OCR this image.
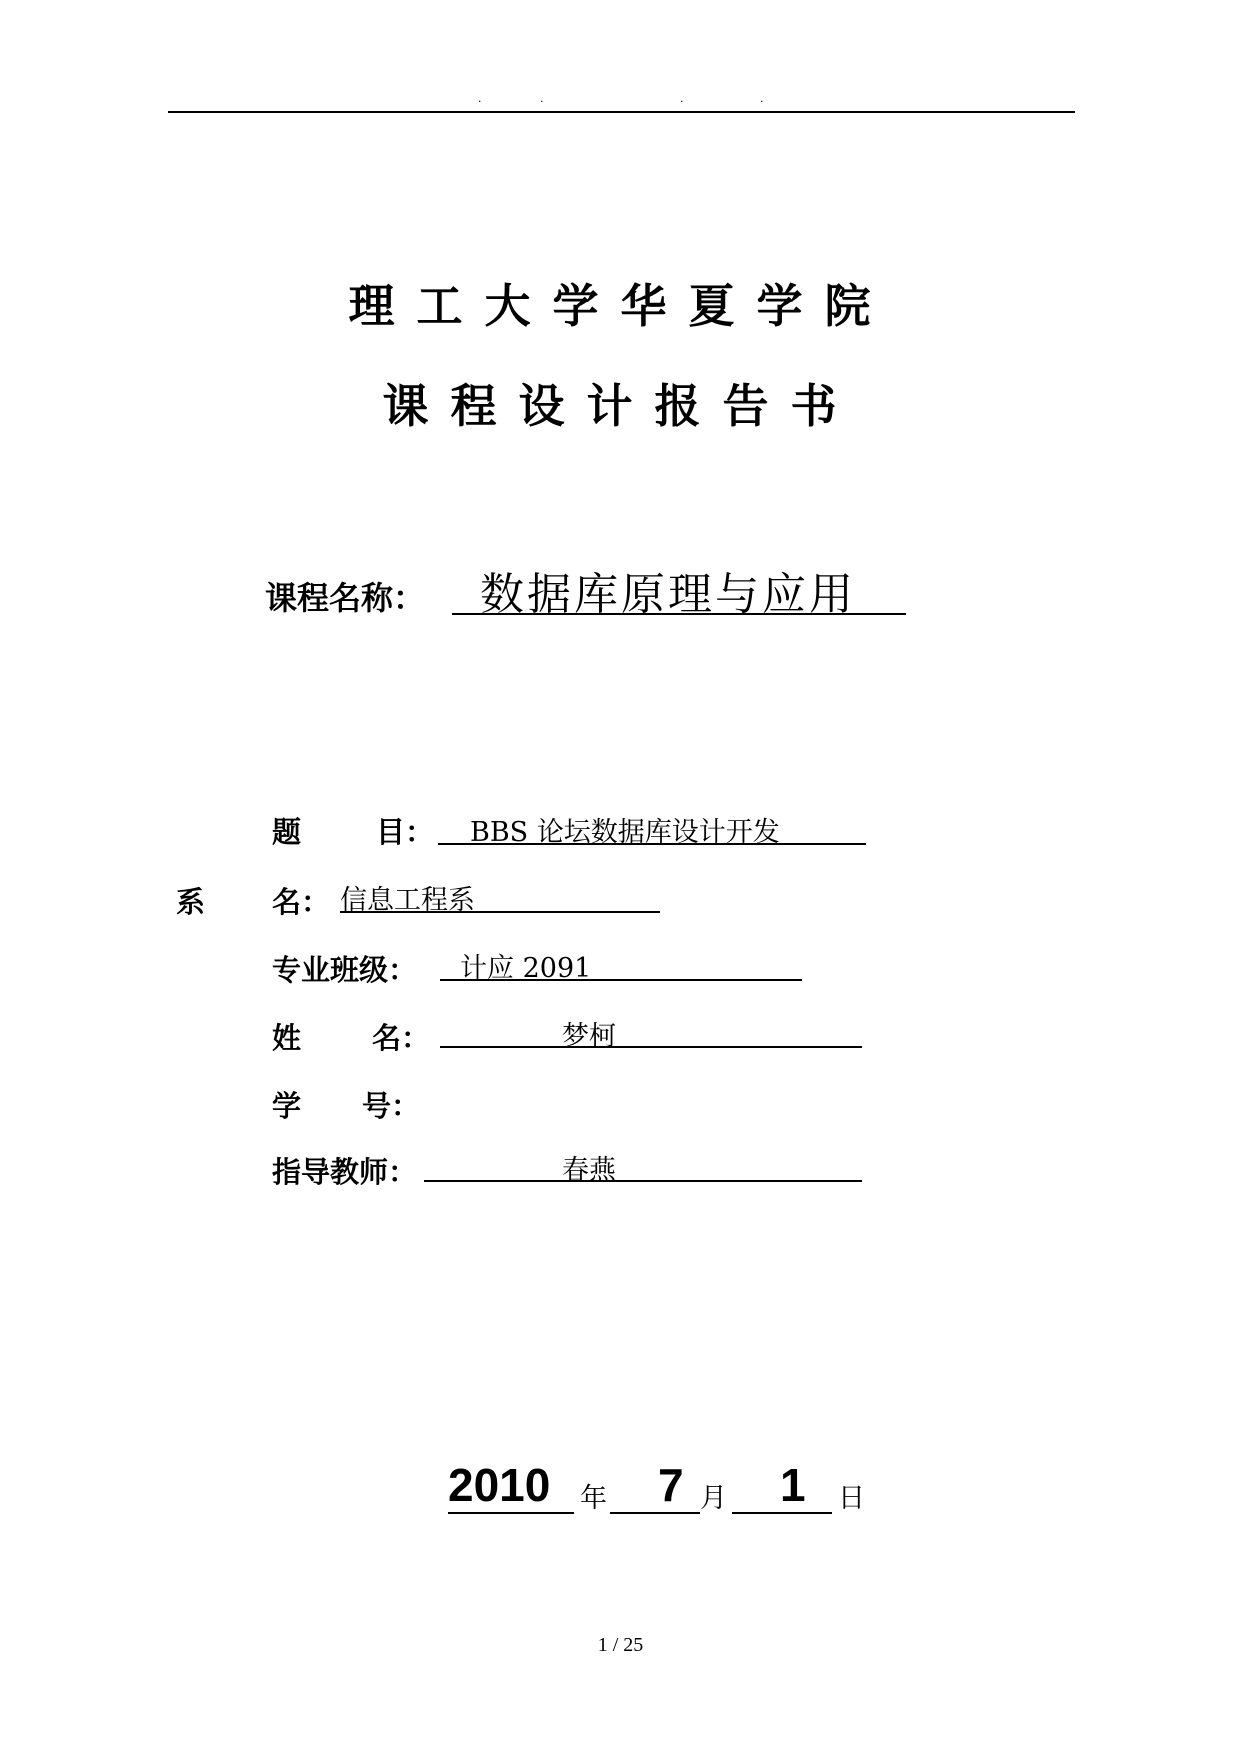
.	.	.	.
理工大学华夏学院
课程设计报告书
课程名称： 数据库原理与应用
题	目： BBS 论坛数据库设计开发
系 名： 信息工程系
专业班级： 计应 2091
姓 名：	梦柯
学 号：
指导教师：	春燕
2010 年 7 月 1 日
1 / 25
